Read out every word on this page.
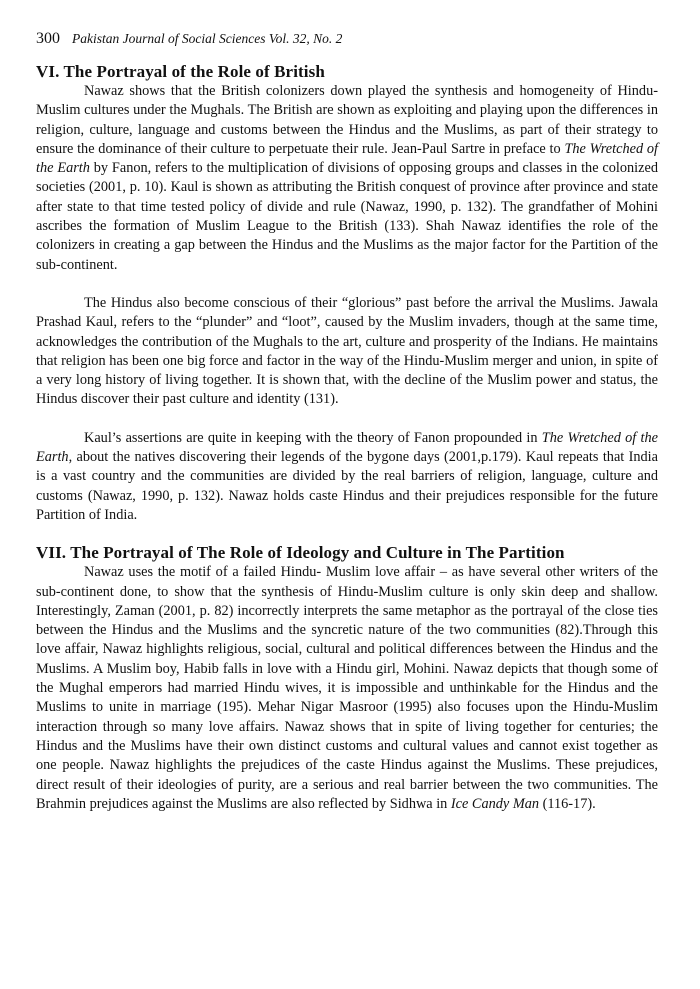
300 Pakistan Journal of Social Sciences Vol. 32, No. 2
VI. The Portrayal of the Role of British

Nawaz shows that the British colonizers down played the synthesis and homogeneity of Hindu-Muslim cultures under the Mughals. The British are shown as exploiting and playing upon the differences in religion, culture, language and customs between the Hindus and the Muslims, as part of their strategy to ensure the dominance of their culture to perpetuate their rule. Jean-Paul Sartre in preface to The Wretched of the Earth by Fanon, refers to the multiplication of divisions of opposing groups and classes in the colonized societies (2001, p. 10). Kaul is shown as attributing the British conquest of province after province and state after state to that time tested policy of divide and rule (Nawaz, 1990, p. 132). The grandfather of Mohini ascribes the formation of Muslim League to the British (133). Shah Nawaz identifies the role of the colonizers in creating a gap between the Hindus and the Muslims as the major factor for the Partition of the sub-continent.

The Hindus also become conscious of their “glorious” past before the arrival the Muslims. Jawala Prashad Kaul, refers to the “plunder” and “loot”, caused by the Muslim invaders, though at the same time, acknowledges the contribution of the Mughals to the art, culture and prosperity of the Indians. He maintains that religion has been one big force and factor in the way of the Hindu-Muslim merger and union, in spite of a very long history of living together. It is shown that, with the decline of the Muslim power and status, the Hindus discover their past culture and identity (131).

Kaul’s assertions are quite in keeping with the theory of Fanon propounded in The Wretched of the Earth, about the natives discovering their legends of the bygone days (2001,p.179). Kaul repeats that India is a vast country and the communities are divided by the real barriers of religion, language, culture and customs (Nawaz, 1990, p. 132). Nawaz holds caste Hindus and their prejudices responsible for the future Partition of India.

VII. The Portrayal of The Role of Ideology and Culture in The Partition

Nawaz uses the motif of a failed Hindu- Muslim love affair – as have several other writers of the sub-continent done, to show that the synthesis of Hindu-Muslim culture is only skin deep and shallow. Interestingly, Zaman (2001, p. 82) incorrectly interprets the same metaphor as the portrayal of the close ties between the Hindus and the Muslims and the syncretic nature of the two communities (82).Through this love affair, Nawaz highlights religious, social, cultural and political differences between the Hindus and the Muslims. A Muslim boy, Habib falls in love with a Hindu girl, Mohini. Nawaz depicts that though some of the Mughal emperors had married Hindu wives, it is impossible and unthinkable for the Hindus and the Muslims to unite in marriage (195). Mehar Nigar Masroor (1995) also focuses upon the Hindu-Muslim interaction through so many love affairs. Nawaz shows that in spite of living together for centuries; the Hindus and the Muslims have their own distinct customs and cultural values and cannot exist together as one people. Nawaz highlights the prejudices of the caste Hindus against the Muslims. These prejudices, direct result of their ideologies of purity, are a serious and real barrier between the two communities. The Brahmin prejudices against the Muslims are also reflected by Sidhwa in Ice Candy Man (116-17).
